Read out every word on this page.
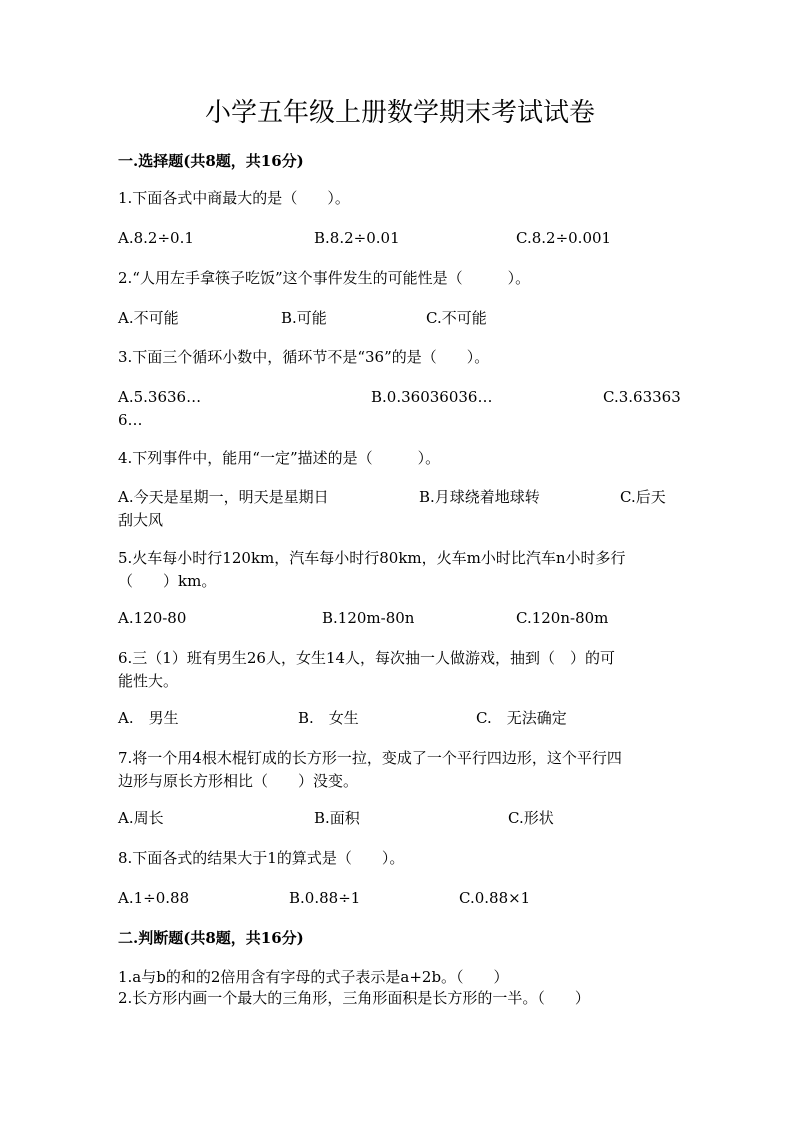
小学五年级上册数学期末考试试卷
一.选择题(共8题，共16分)
1.下面各式中商最大的是（　　）。
A.8.2÷0.1	B.8.2÷0.01	C.8.2÷0.001
2.“人用左手拿筷子吃饭”这个事件发生的可能性是（　　　）。
A.不可能	B.可能	C.不可能
3.下面三个循环小数中，循环节不是“36”的是（　　）。
A.5.3636…	B.0.36036036…	C.3.63363
6…
4.下列事件中，能用“一定”描述的是（　　　）。
A.今天是星期一，明天是星期日	B.月球绕着地球转	C.后天
刮大风
5.火车每小时行120km，汽车每小时行80km，火车m小时比汽车n小时多行
（　　）km。
A.120-80	B.120m-80n	C.120n-80m
6.三（1）班有男生26人，女生14人，每次抽一人做游戏，抽到（　）的可
能性大。
A.　男生	B.　女生	C.　无法确定
7.将一个用4根木棍钉成的长方形一拉，变成了一个平行四边形，这个平行四
边形与原长方形相比（　　）没变。
A.周长	B.面积	C.形状
8.下面各式的结果大于1的算式是（　　）。
A.1÷0.88	B.0.88÷1	C.0.88×1
二.判断题(共8题，共16分)
1.a与b的和的2倍用含有字母的式子表示是a+2b。（　　）
2.长方形内画一个最大的三角形，三角形面积是长方形的一半。（　　）
